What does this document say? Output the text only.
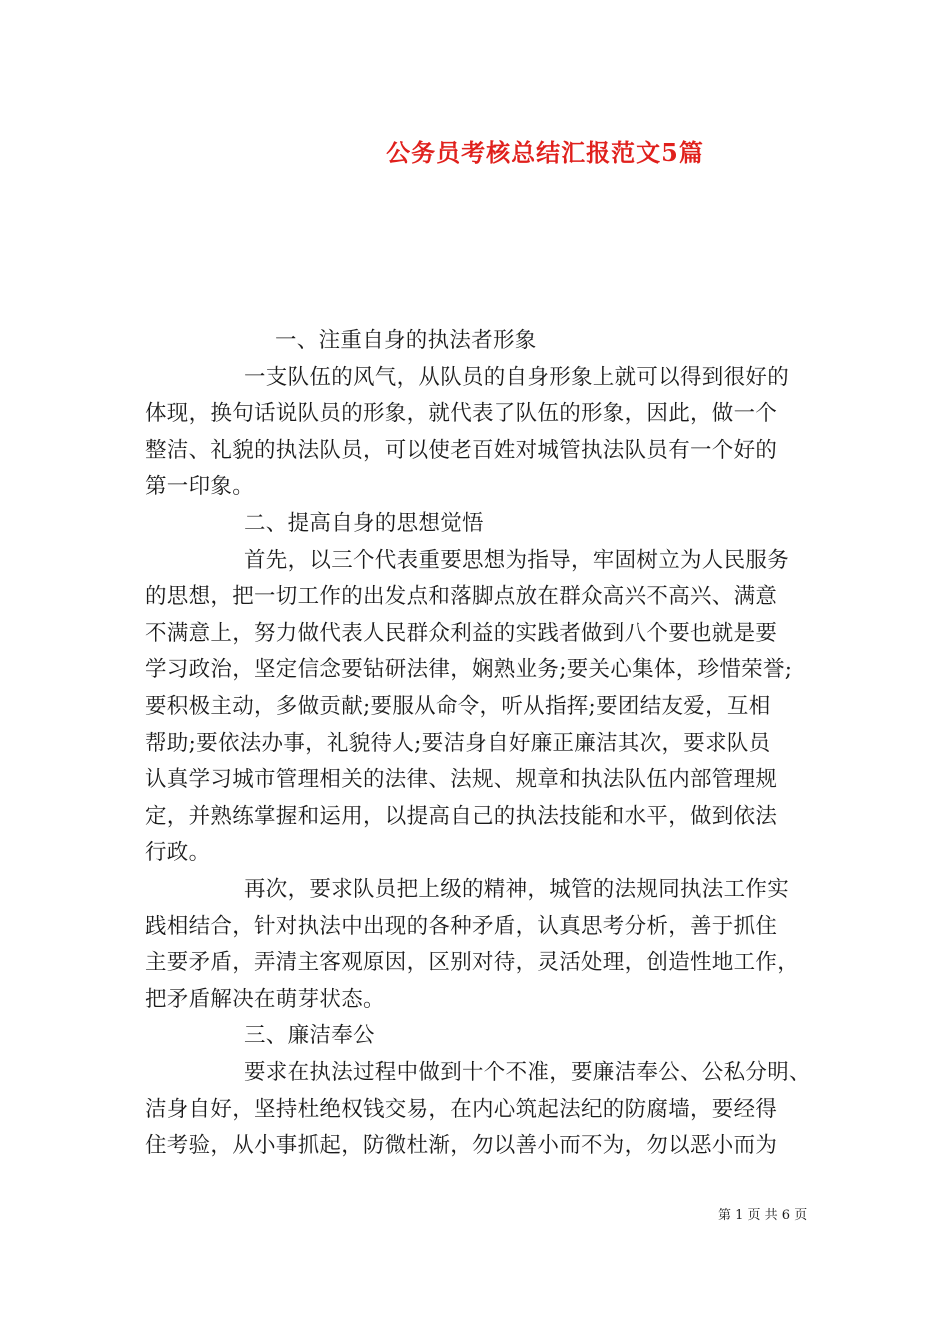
公务员考核总结汇报范文5篇
一、注重自身的执法者形象
一支队伍的风气，从队员的自身形象上就可以得到很好的
体现，换句话说队员的形象，就代表了队伍的形象，因此，做一个
整洁、礼貌的执法队员，可以使老百姓对城管执法队员有一个好的
第一印象。
二、提高自身的思想觉悟
首先，以三个代表重要思想为指导，牢固树立为人民服务
的思想，把一切工作的出发点和落脚点放在群众高兴不高兴、满意
不满意上，努力做代表人民群众利益的实践者做到八个要也就是要
学习政治，坚定信念要钻研法律，娴熟业务;要关心集体，珍惜荣誉;
要积极主动，多做贡献;要服从命令，听从指挥;要团结友爱，互相
帮助;要依法办事，礼貌待人;要洁身自好廉正廉洁其次，要求队员
认真学习城市管理相关的法律、法规、规章和执法队伍内部管理规
定，并熟练掌握和运用，以提高自己的执法技能和水平，做到依法
行政。
再次，要求队员把上级的精神，城管的法规同执法工作实
践相结合，针对执法中出现的各种矛盾，认真思考分析，善于抓住
主要矛盾，弄清主客观原因，区别对待，灵活处理，创造性地工作，
把矛盾解决在萌芽状态。
三、廉洁奉公
要求在执法过程中做到十个不准，要廉洁奉公、公私分明、
洁身自好，坚持杜绝权钱交易，在内心筑起法纪的防腐墙，要经得
住考验，从小事抓起，防微杜渐，勿以善小而不为，勿以恶小而为
第 1 页 共 6 页
